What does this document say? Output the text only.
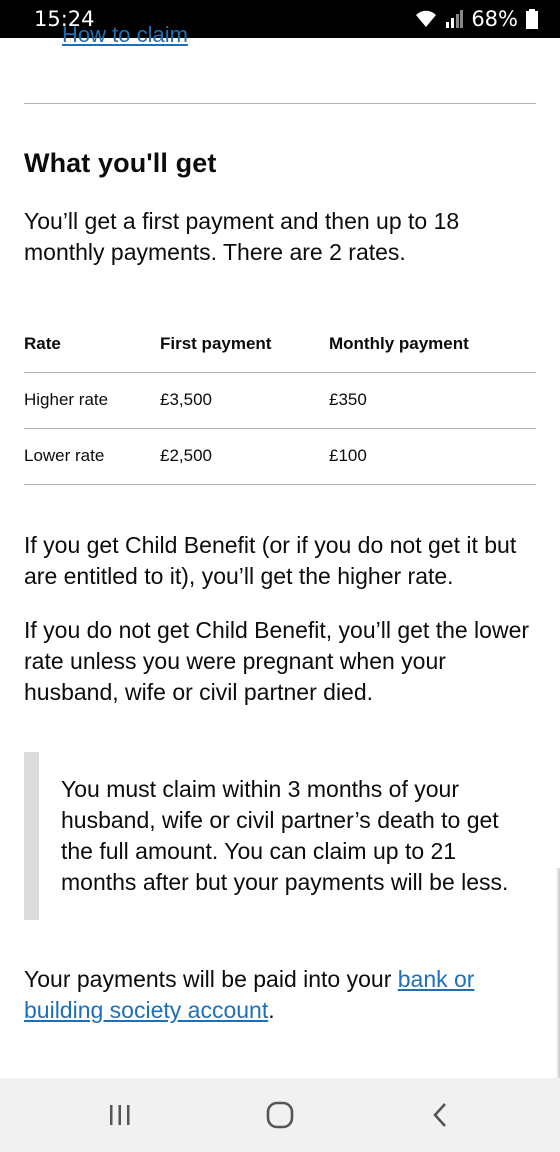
15:24	68%
How to claim
What you'll get

You’ll get a first payment and then up to 18 monthly payments. There are 2 rates.

Rate	First payment	Monthly payment
Higher rate	£3,500	£350
Lower rate	£2,500	£100

If you get Child Benefit (or if you do not get it but are entitled to it), you’ll get the higher rate.

If you do not get Child Benefit, you’ll get the lower rate unless you were pregnant when your husband, wife or civil partner died.

You must claim within 3 months of your husband, wife or civil partner’s death to get the full amount. You can claim up to 21 months after but your payments will be less.

Your payments will be paid into your bank or building society account.
